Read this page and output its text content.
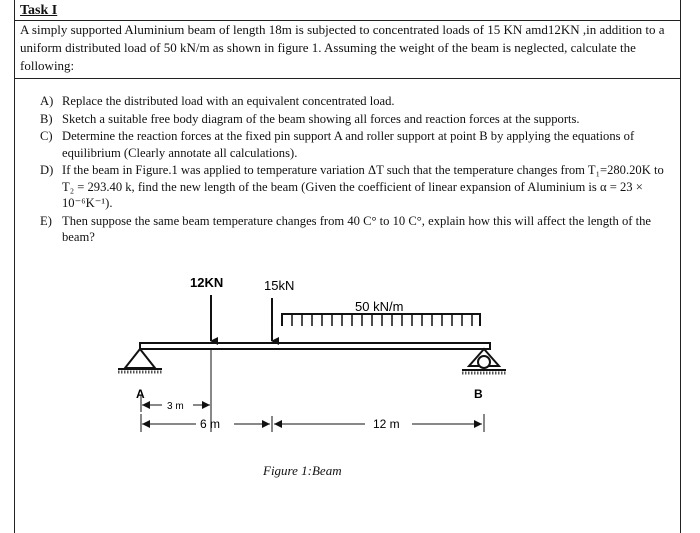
Task I
A simply supported Aluminium beam of length 18m is subjected to concentrated loads of 15 KN amd12KN ,in addition to a uniform distributed load of 50 kN/m as shown in figure 1. Assuming the weight of the beam is neglected, calculate the following:
A) Replace the distributed load with an equivalent concentrated load.
B) Sketch a suitable free body diagram of the beam showing all forces and reaction forces at the supports.
C) Determine the reaction forces at the fixed pin support A and roller support at point B by applying the equations of equilibrium (Clearly annotate all calculations).
D) If the beam in Figure.1 was applied to temperature variation ΔT such that the temperature changes from T₁=280.20K to T₂ = 293.40 k, find the new length of the beam (Given the coefficient of linear expansion of Aluminium is α = 23 × 10⁻⁶K⁻¹).
E) Then suppose the same beam temperature changes from 40 C° to 10 C°, explain how this will affect the length of the beam?
12KN	15kN
50 kN/m
A	B
3 m
6 m	12 m
Figure 1:Beam
